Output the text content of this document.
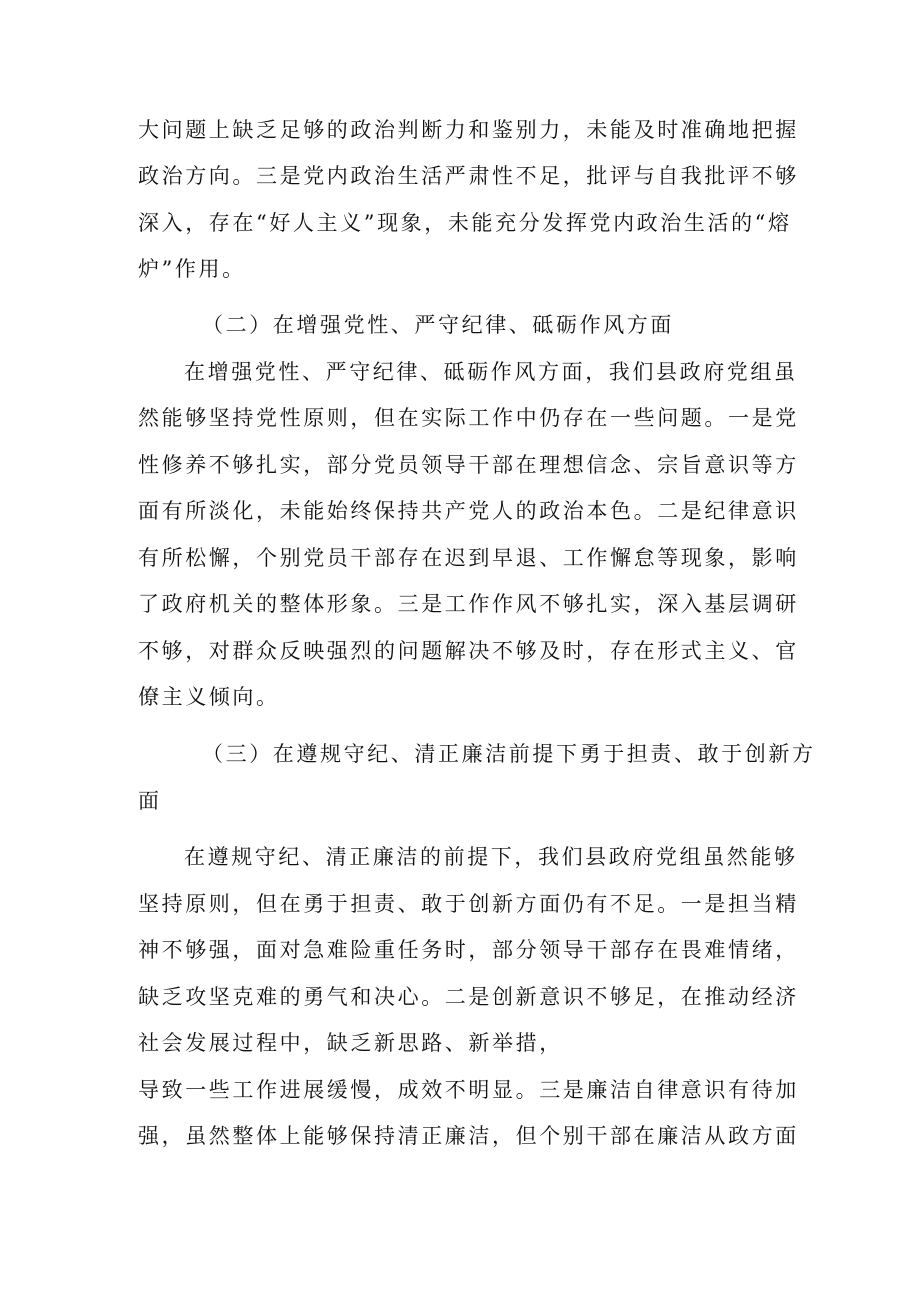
大问题上缺乏足够的政治判断力和鉴别力，未能及时准确地把握
政治方向。三是党内政治生活严肃性不足，批评与自我批评不够
深入，存在“好人主义”现象，未能充分发挥党内政治生活的“熔
炉”作用。
（二）在增强党性、严守纪律、砥砺作风方面
在增强党性、严守纪律、砥砺作风方面，我们县政府党组虽
然能够坚持党性原则，但在实际工作中仍存在一些问题。一是党
性修养不够扎实，部分党员领导干部在理想信念、宗旨意识等方
面有所淡化，未能始终保持共产党人的政治本色。二是纪律意识
有所松懈，个别党员干部存在迟到早退、工作懈怠等现象，影响
了政府机关的整体形象。三是工作作风不够扎实，深入基层调研
不够，对群众反映强烈的问题解决不够及时，存在形式主义、官
僚主义倾向。
（三）在遵规守纪、清正廉洁前提下勇于担责、敢于创新方
面
在遵规守纪、清正廉洁的前提下，我们县政府党组虽然能够
坚持原则，但在勇于担责、敢于创新方面仍有不足。一是担当精
神不够强，面对急难险重任务时，部分领导干部存在畏难情绪，
缺乏攻坚克难的勇气和决心。二是创新意识不够足，在推动经济
社会发展过程中，缺乏新思路、新举措，
导致一些工作进展缓慢，成效不明显。三是廉洁自律意识有待加
强，虽然整体上能够保持清正廉洁，但个别干部在廉洁从政方面
